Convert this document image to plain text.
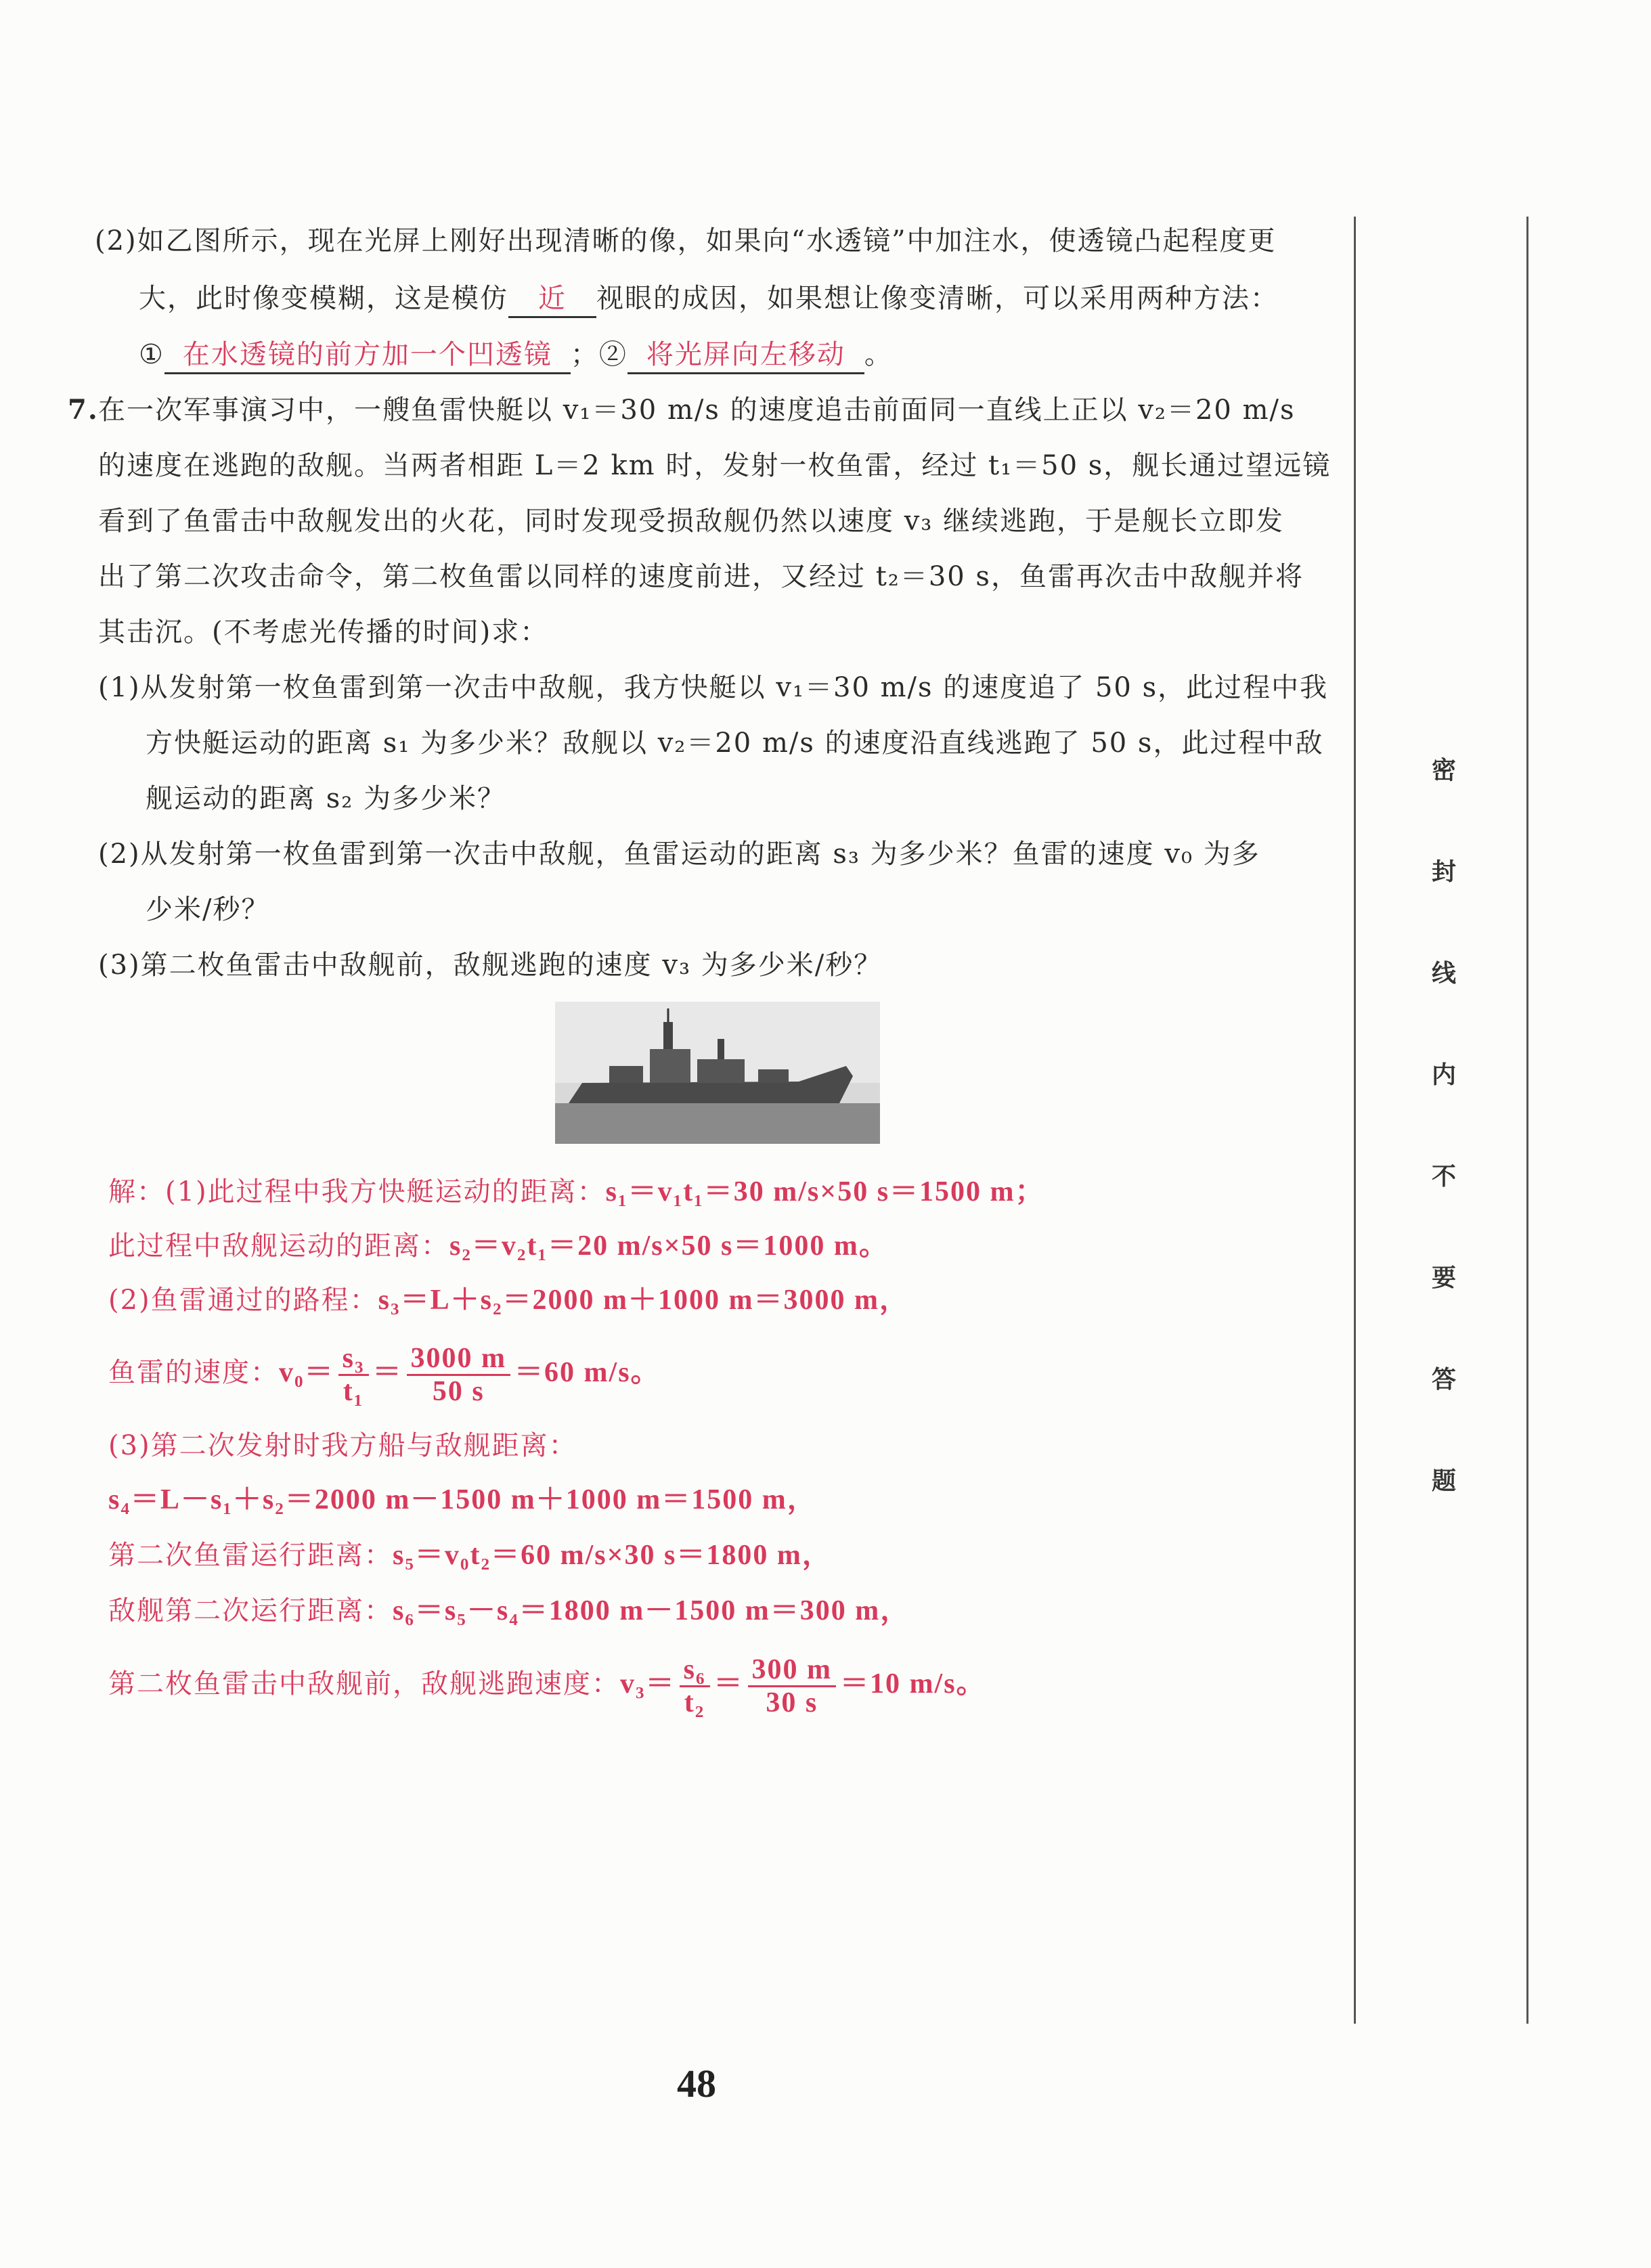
(2)如乙图所示，现在光屏上刚好出现清晰的像，如果向“水透镜”中加注水，使透镜凸起程度更
大，此时像变模糊，这是模仿 近 视眼的成因，如果想让像变清晰，可以采用两种方法：
① 在水透镜的前方加一个凹透镜 ；② 将光屏向左移动 。
7. 在一次军事演习中，一艘鱼雷快艇以 v₁＝30 m/s 的速度追击前面同一直线上正以 v₂＝20 m/s
的速度在逃跑的敌舰。当两者相距 L＝2 km 时，发射一枚鱼雷，经过 t₁＝50 s，舰长通过望远镜
看到了鱼雷击中敌舰发出的火花，同时发现受损敌舰仍然以速度 v₃ 继续逃跑，于是舰长立即发
出了第二次攻击命令，第二枚鱼雷以同样的速度前进，又经过 t₂＝30 s，鱼雷再次击中敌舰并将
其击沉。(不考虑光传播的时间)求：
(1)从发射第一枚鱼雷到第一次击中敌舰，我方快艇以 v₁＝30 m/s 的速度追了 50 s，此过程中我
方快艇运动的距离 s₁ 为多少米？敌舰以 v₂＝20 m/s 的速度沿直线逃跑了 50 s，此过程中敌
舰运动的距离 s₂ 为多少米？
(2)从发射第一枚鱼雷到第一次击中敌舰，鱼雷运动的距离 s₃ 为多少米？鱼雷的速度 v₀ 为多
少米/秒？
(3)第二枚鱼雷击中敌舰前，敌舰逃跑的速度 v₃ 为多少米/秒？
解：(1)此过程中我方快艇运动的距离：s₁＝v₁t₁＝30 m/s×50 s＝1500 m；
此过程中敌舰运动的距离：s₂＝v₂t₁＝20 m/s×50 s＝1000 m。
(2)鱼雷通过的路程：s₃＝L＋s₂＝2000 m＋1000 m＝3000 m，
鱼雷的速度：$v_0= \frac{\text{s₃}}{\text{t₁}} = \frac{3000 m}{50 s} =60$ m/s。
(3)第二次发射时我方船与敌舰距离：
s₄＝L－s₁＋s₂＝2000 m－1500 m＋1000 m＝1500 m，
第二次鱼雷运行距离：s₅＝v₀t₂＝60 m/s×30 s＝1800 m，
敌舰第二次运行距离：s₆＝s₅－s₄＝1800 m－1500 m＝300 m，
第二枚鱼雷击中敌舰前，敌舰逃跑速度：$v_3= \frac{\text{s₆}}{\text{t₂}} = \frac{300 m}{30 s} =10$ m/s。
密
封
线
内
不
要
答
题
48
